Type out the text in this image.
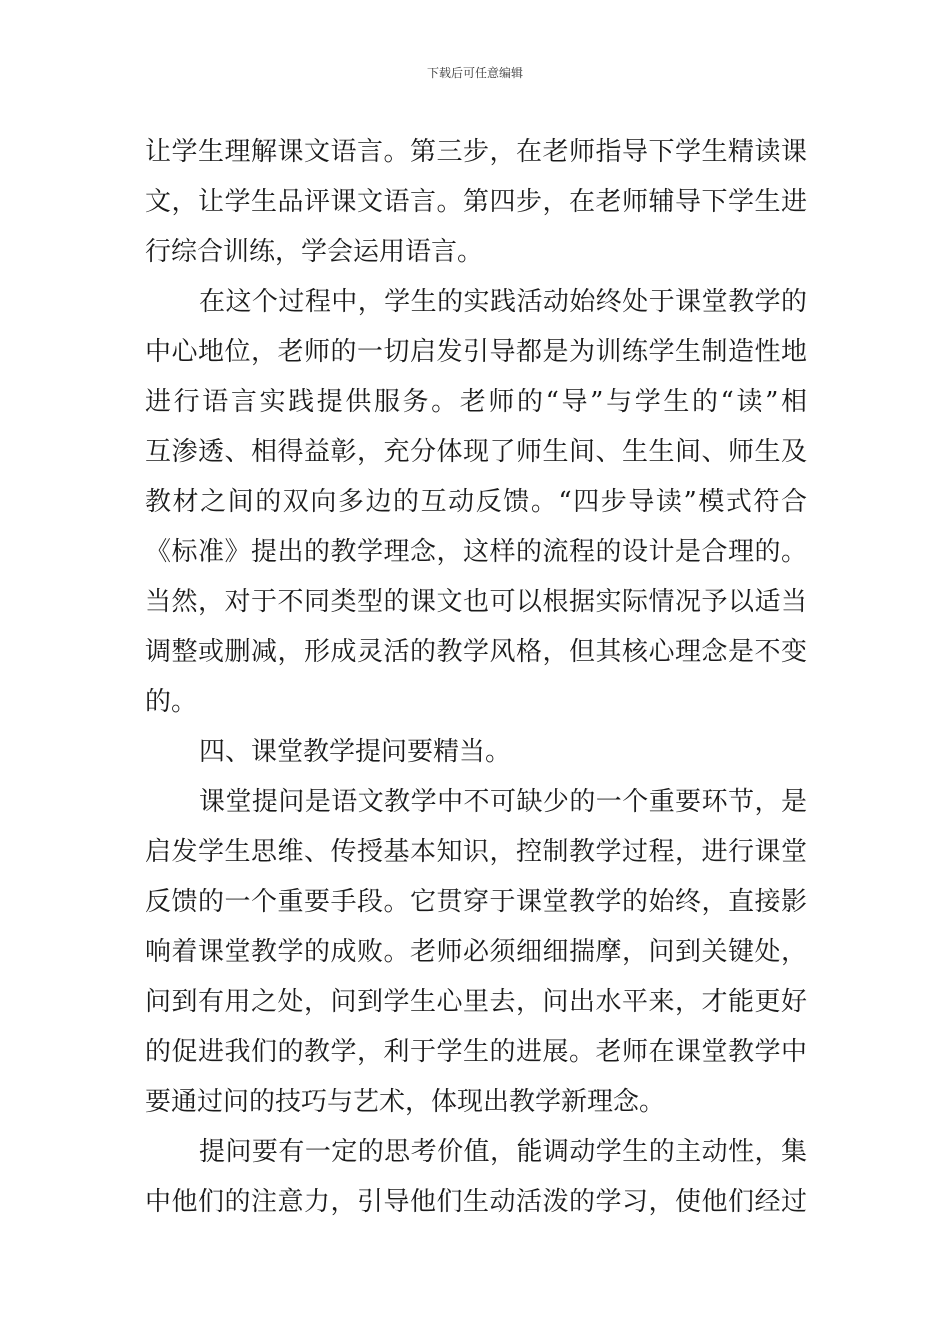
下载后可任意编辑
让学生理解课文语言。第三步，在老师指导下学生精读课
文，让学生品评课文语言。第四步，在老师辅导下学生进
行综合训练，学会运用语言。
在这个过程中，学生的实践活动始终处于课堂教学的
中心地位，老师的一切启发引导都是为训练学生制造性地
进行语言实践提供服务。老师的“导”与学生的“读”相
互渗透、相得益彰，充分体现了师生间、生生间、师生及
教材之间的双向多边的互动反馈。“四步导读”模式符合
《标准》提出的教学理念，这样的流程的设计是合理的。
当然，对于不同类型的课文也可以根据实际情况予以适当
调整或删减，形成灵活的教学风格，但其核心理念是不变
的。
四、课堂教学提问要精当。
课堂提问是语文教学中不可缺少的一个重要环节，是
启发学生思维、传授基本知识，控制教学过程，进行课堂
反馈的一个重要手段。它贯穿于课堂教学的始终，直接影
响着课堂教学的成败。老师必须细细揣摩，问到关键处，
问到有用之处，问到学生心里去，问出水平来，才能更好
的促进我们的教学，利于学生的进展。老师在课堂教学中
要通过问的技巧与艺术，体现出教学新理念。
提问要有一定的思考价值，能调动学生的主动性，集
中他们的注意力，引导他们生动活泼的学习，使他们经过
